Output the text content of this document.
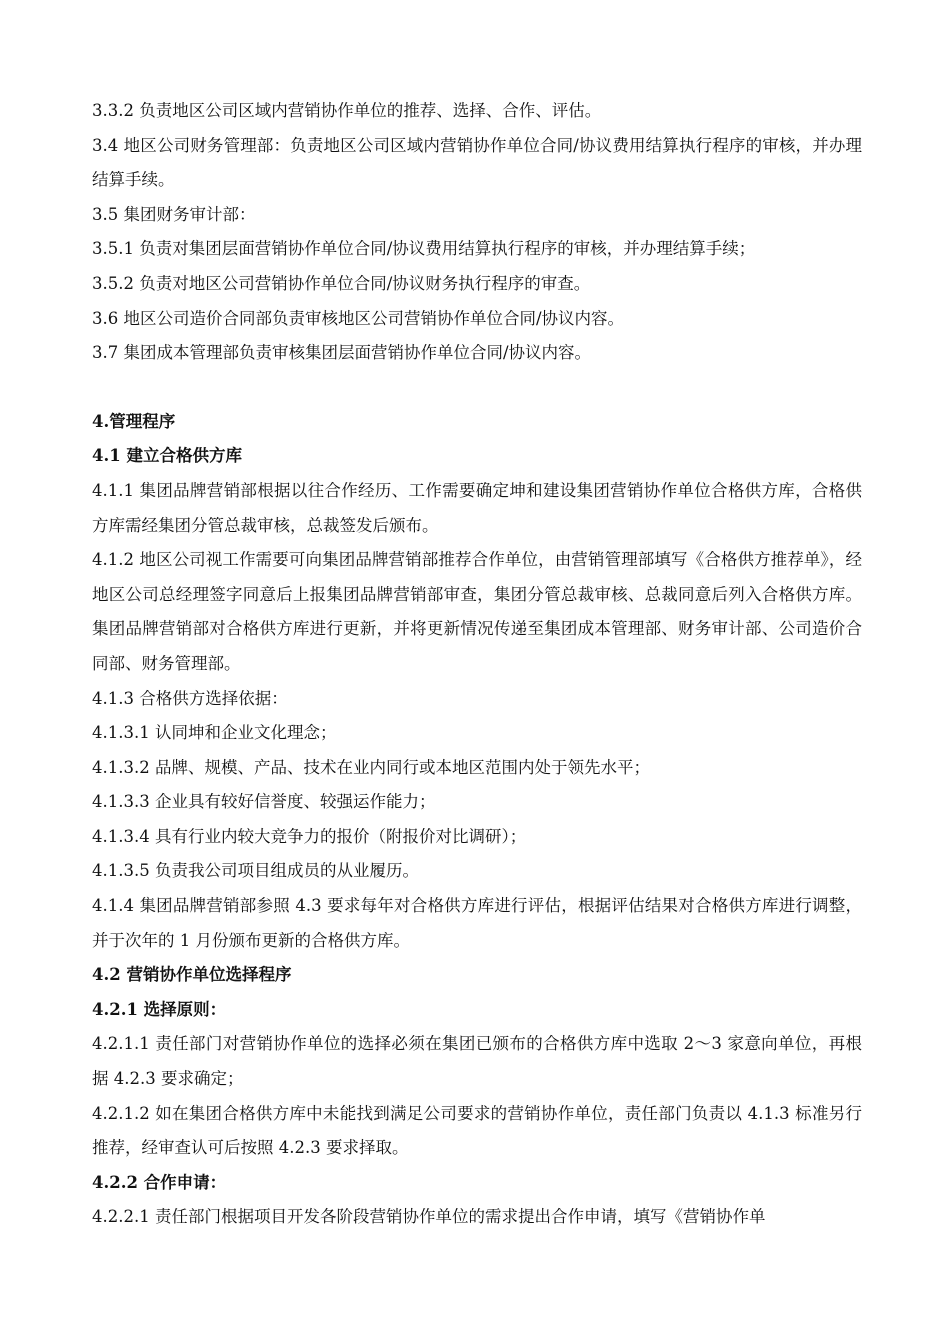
3.3.2 负责地区公司区域内营销协作单位的推荐、选择、合作、评估。

3.4 地区公司财务管理部：负责地区公司区域内营销协作单位合同/协议费用结算执行程序的审核，并办理结算手续。

3.5 集团财务审计部：

3.5.1 负责对集团层面营销协作单位合同/协议费用结算执行程序的审核，并办理结算手续；

3.5.2 负责对地区公司营销协作单位合同/协议财务执行程序的审查。

3.6 地区公司造价合同部负责审核地区公司营销协作单位合同/协议内容。

3.7 集团成本管理部负责审核集团层面营销协作单位合同/协议内容。

4.管理程序

4.1 建立合格供方库

4.1.1 集团品牌营销部根据以往合作经历、工作需要确定坤和建设集团营销协作单位合格供方库，合格供方库需经集团分管总裁审核，总裁签发后颁布。

4.1.2 地区公司视工作需要可向集团品牌营销部推荐合作单位，由营销管理部填写《合格供方推荐单》，经地区公司总经理签字同意后上报集团品牌营销部审查，集团分管总裁审核、总裁同意后列入合格供方库。集团品牌营销部对合格供方库进行更新，并将更新情况传递至集团成本管理部、财务审计部、公司造价合同部、财务管理部。

4.1.3 合格供方选择依据：

4.1.3.1 认同坤和企业文化理念；

4.1.3.2 品牌、规模、产品、技术在业内同行或本地区范围内处于领先水平；

4.1.3.3 企业具有较好信誉度、较强运作能力；

4.1.3.4 具有行业内较大竞争力的报价（附报价对比调研）；

4.1.3.5 负责我公司项目组成员的从业履历。

4.1.4 集团品牌营销部参照 4.3 要求每年对合格供方库进行评估，根据评估结果对合格供方库进行调整，并于次年的 1 月份颁布更新的合格供方库。

4.2 营销协作单位选择程序

4.2.1 选择原则：

4.2.1.1 责任部门对营销协作单位的选择必须在集团已颁布的合格供方库中选取 2～3 家意向单位，再根据 4.2.3 要求确定；

4.2.1.2 如在集团合格供方库中未能找到满足公司要求的营销协作单位，责任部门负责以 4.1.3 标准另行推荐，经审查认可后按照 4.2.3 要求择取。

4.2.2 合作申请：

4.2.2.1 责任部门根据项目开发各阶段营销协作单位的需求提出合作申请，填写《营销协作单
